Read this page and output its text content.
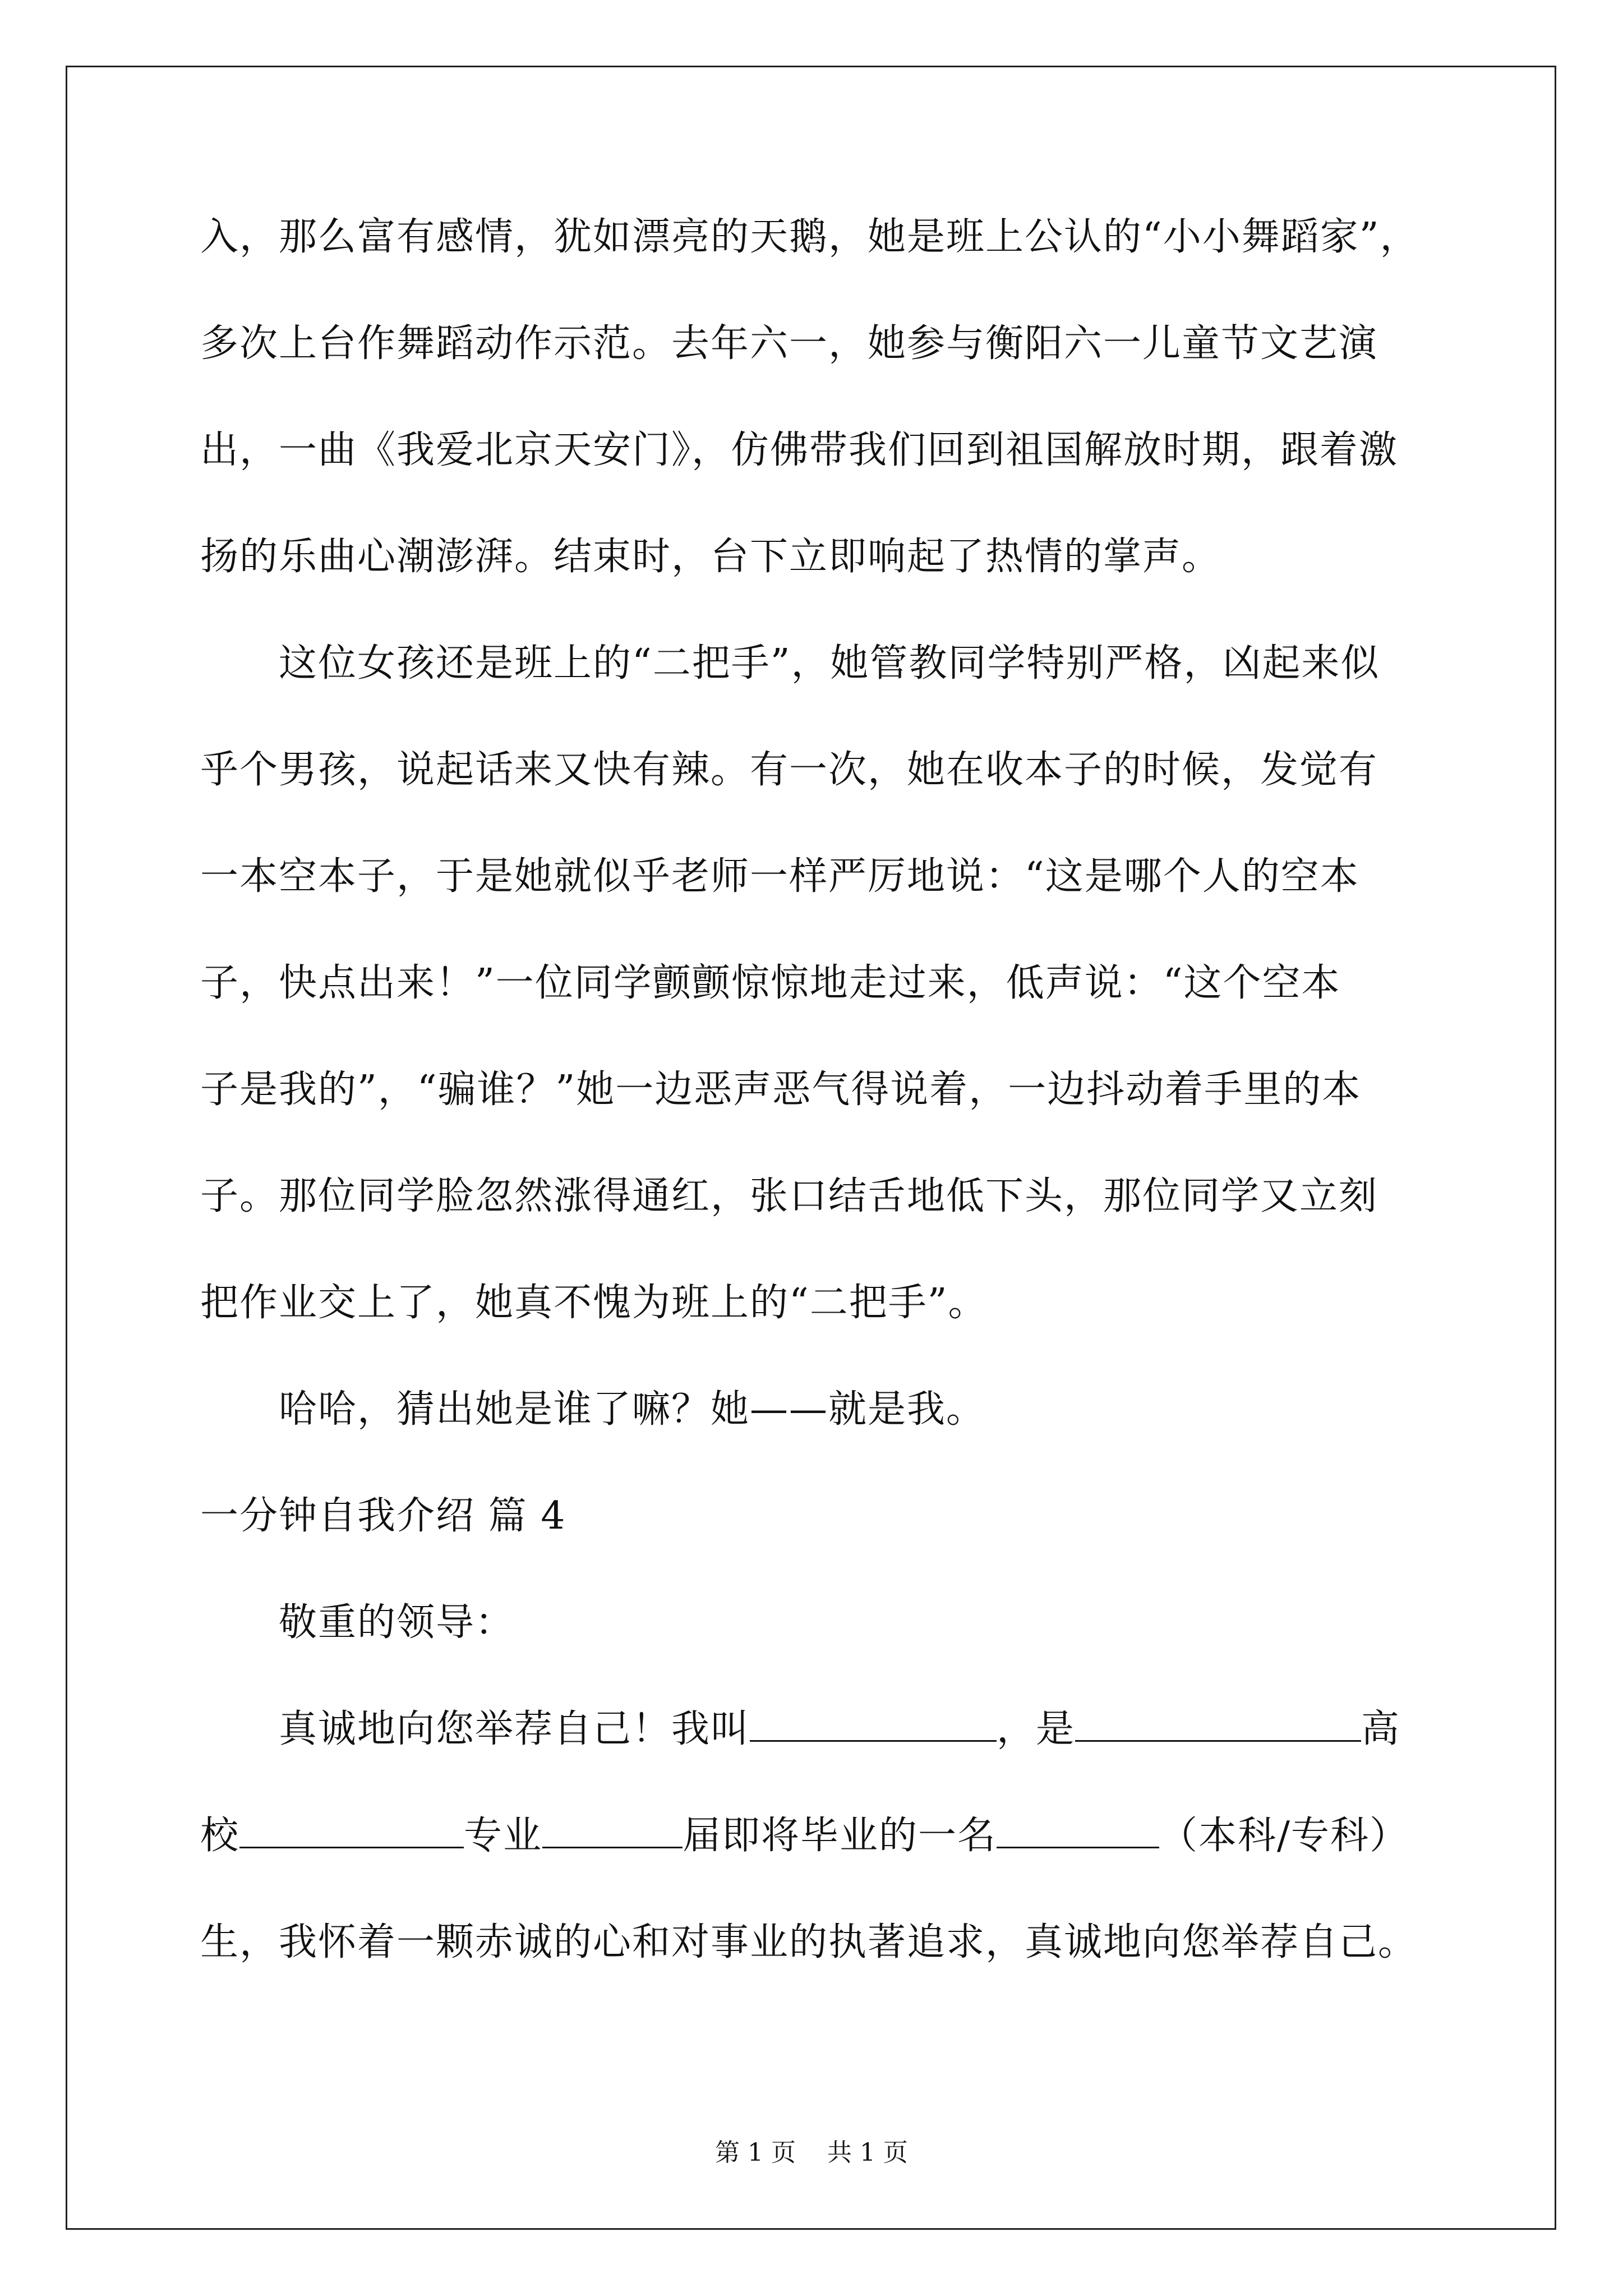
入，那么富有感情，犹如漂亮的天鹅，她是班上公认的“小小舞蹈家”，
多次上台作舞蹈动作示范。去年六一，她参与衡阳六一儿童节文艺演
出，一曲《我爱北京天安门》，仿佛带我们回到祖国解放时期，跟着激
扬的乐曲心潮澎湃。结束时，台下立即响起了热情的掌声。
这位女孩还是班上的“二把手”，她管教同学特别严格，凶起来似
乎个男孩，说起话来又快有辣。有一次，她在收本子的时候，发觉有
一本空本子，于是她就似乎老师一样严厉地说：“这是哪个人的空本
子，快点出来！”一位同学颤颤惊惊地走过来，低声说：“这个空本
子是我的”，“骗谁？”她一边恶声恶气得说着，一边抖动着手里的本
子。那位同学脸忽然涨得通红，张口结舌地低下头，那位同学又立刻
把作业交上了，她真不愧为班上的“二把手”。
哈哈，猜出她是谁了嘛？她——就是我。
一分钟自我介绍 篇 4
敬重的领导：
真诚地向您举荐自己！我叫	，是	高
校	专业	届即将毕业的一名	（本科/专科）
生，我怀着一颗赤诚的心和对事业的执著追求，真诚地向您举荐自己。
第 1 页    共 1 页
